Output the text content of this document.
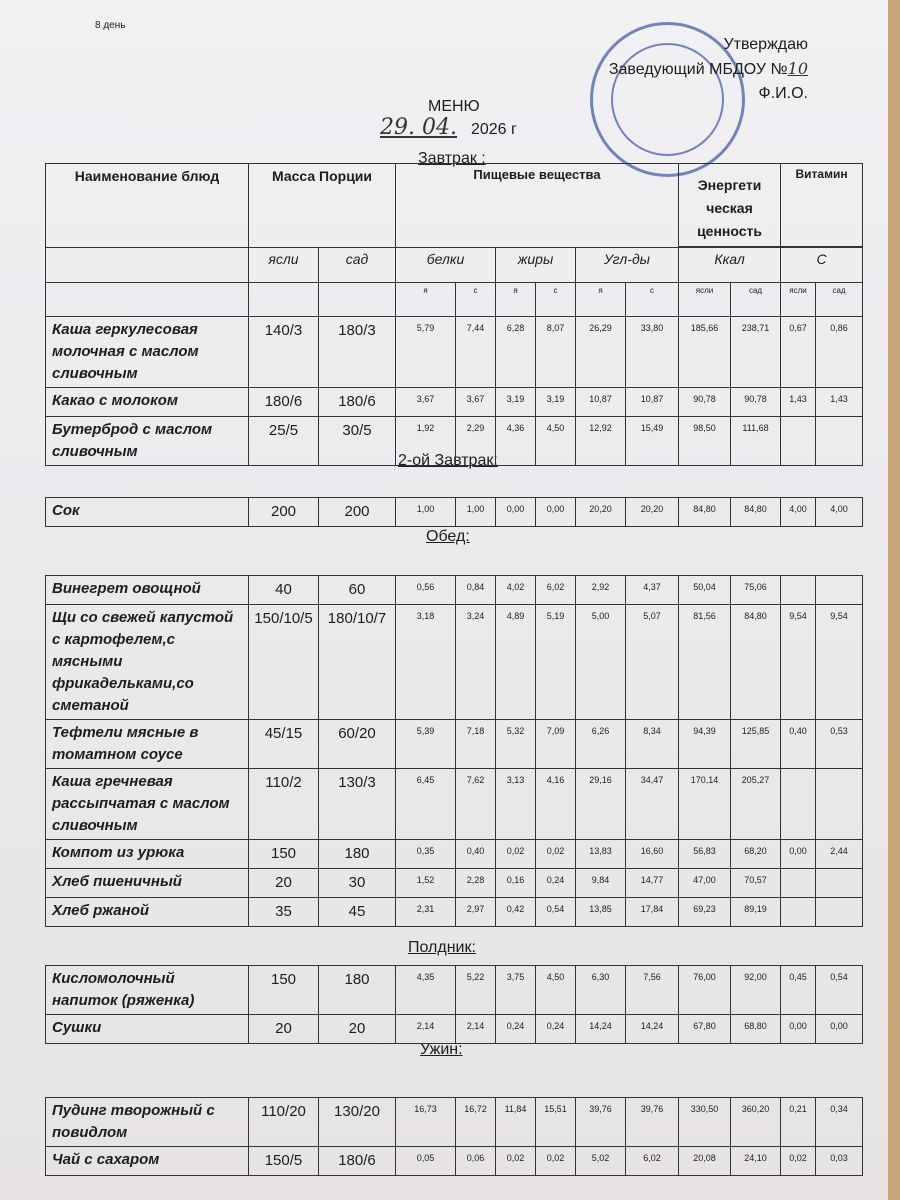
8 день
Утверждаю
Заведующий МБДОУ №10
Ф.И.О.
МЕНЮ
29. 04. 2026 г
Завтрак :
2-ой Завтрак:
Обед:
Полдник:
Ужин:
Наименование блюд	Масса Порции		Пищевые вещества						Энергети ческая ценность		Витамин	

	ясли	сад	белки		жиры		Угл-ды		Ккал		С	
			я	с	я	с	я	с	ясли	сад	ясли	сад
Каша геркулесовая молочная с маслом сливочным	140/3	180/3	5,79	7,44	6,28	8,07	26,29	33,80	185,66	238,71	0,67	0,86

Какао с молоком	180/6	180/6	3,67	3,67	3,19	3,19	10,87	10,87	90,78	90,78	1,43	1,43

Бутерброд с маслом сливочным	25/5	30/5	1,92	2,29	4,36	4,50	12,92	15,49	98,50	111,68		

Сок	200	200	1,00	1,00	0,00	0,00	20,20	20,20	84,80	84,80	4,00	4,00
Винегрет овощной	40	60	0,56	0,84	4,02	6,02	2,92	4,37	50,04	75,06		

Щи со свежей капустой с картофелем,с мясными фрикадельками,со сметаной	150/10/5	180/10/7	3,18	3,24	4,89	5,19	5,00	5,07	81,56	84,80	9,54	9,54

Тефтели мясные в томатном соусе	45/15	60/20	5,39	7,18	5,32	7,09	6,26	8,34	94,39	125,85	0,40	0,53

Каша гречневая рассыпчатая с маслом сливочным	110/2	130/3	6,45	7,62	3,13	4,16	29,16	34,47	170,14	205,27		

Компот из урюка	150	180	0,35	0,40	0,02	0,02	13,83	16,60	56,83	68,20	0,00	2,44

Хлеб пшеничный	20	30	1,52	2,28	0,16	0,24	9,84	14,77	47,00	70,57		

Хлеб ржаной	35	45	2,31	2,97	0,42	0,54	13,85	17,84	69,23	89,19		

Кисломолочный напиток (ряженка)	150	180	4,35	5,22	3,75	4,50	6,30	7,56	76,00	92,00	0,45	0,54

Сушки	20	20	2,14	2,14	0,24	0,24	14,24	14,24	67,80	68,80	0,00	0,00
Пудинг творожный с повидлом	110/20	130/20	16,73	16,72	11,84	15,51	39,76	39,76	330,50	360,20	0,21	0,34

Чай с сахаром	150/5	180/6	0,05	0,06	0,02	0,02	5,02	6,02	20,08	24,10	0,02	0,03
